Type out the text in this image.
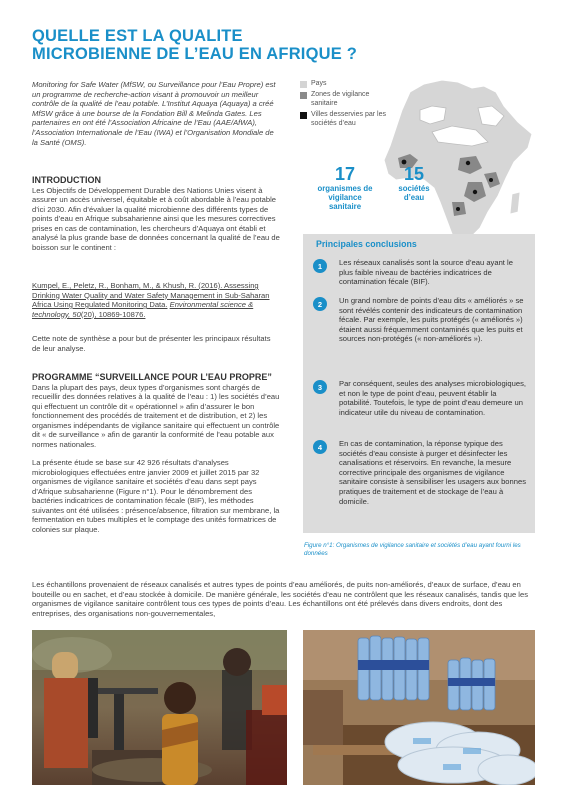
QUELLE EST LA QUALITE
MICROBIENNE DE L’EAU EN AFRIQUE ?

Monitoring for Safe Water (MfSW, ou Surveillance pour l’Eau Propre) est un programme de recherche-action visant à promouvoir un meilleur contrôle de la qualité de l’eau potable. L’Institut Aquaya (Aquaya) a créé MfSW grâce à une bourse de la Fondation Bill & Melinda Gates. Les partenaires en ont été l’Association Africaine de l’Eau (AAE/AfWA), l’Association Internationale de l’Eau (IWA) et l’Organisation Mondiale de la Santé (OMS).

INTRODUCTION

Les Objectifs de Développement Durable des Nations Unies visent à assurer un accès universel, équitable et à coût abordable à l’eau potable d’ici 2030. Afin d’évaluer la qualité microbienne des différents types de points d’eau en Afrique subsaharienne ainsi que les mesures correctives prises en cas de contamination, les chercheurs d’Aquaya ont établi et analysé la plus grande base de données concernant la qualité de l’eau de boisson sur le continent :

Kumpel, E., Peletz, R., Bonham, M., & Khush, R. (2016). Assessing Drinking Water Quality and Water Safety Management in Sub-Saharan Africa Using Regulated Monitoring Data. Environmental science & technology, 50(20), 10869-10876.

Cette note de synthèse a pour but de présenter les principaux résultats de leur analyse.

PROGRAMME “SURVEILLANCE POUR L’EAU PROPRE”

Dans la plupart des pays, deux types d’organismes sont chargés de recueillir des données relatives à la qualité de l’eau : 1) les sociétés d’eau qui effectuent un contrôle dit « opérationnel » afin d’assurer le bon fonctionnement des procédés de traitement et de distribution, et 2) les organismes indépendants de vigilance sanitaire qui effectuent un contrôle dit « de surveillance » afin de garantir la conformité de l’eau potable aux normes nationales.

La présente étude se base sur 42 926 résultats d’analyses microbiologiques effectuées entre janvier 2009 et juillet 2015 par 32 organismes de vigilance sanitaire et sociétés d’eau dans sept pays d’Afrique subsaharienne (Figure n°1). Pour le dénombrement des bactéries indicatrices de contamination fécale (BIF), les méthodes suivantes ont été utilisées : présence/absence, filtration sur membrane, la fermentation en tubes multiples et le comptage des unités formatrices de colonies sur plaque.

Pays
Zones de vigilance sanitaire
Villes desservies par les sociétés d’eau
17
organismes de vigilance sanitaire
15
sociétés d’eau
Principales conclusions
1	Les réseaux canalisés sont la source d’eau ayant le plus faible niveau de bactéries indicatrices de contamination fécale (BIF).
2	Un grand nombre de points d’eau dits « améliorés » se sont révélés contenir des indicateurs de contamination fécale. Par exemple, les puits protégés (« améliorés ») étaient aussi fréquemment contaminés que les puits et sources non-protégés (« non-améliorés »).
3	Par conséquent, seules des analyses microbiologiques, et non le type de point d’eau, peuvent établir la potabilité. Toutefois, le type de point d’eau demeure un indicateur utile du niveau de contamination.
4	En cas de contamination, la réponse typique des sociétés d’eau consiste à purger et désinfecter les canalisations et réservoirs. En revanche, la mesure corrective principale des organismes de vigilance sanitaire consiste à sensibiliser les usagers aux bonnes pratiques de traitement et de stockage de l’eau à domicile.

Figure n°1: Organismes de vigilance sanitaire et sociétés d’eau ayant fourni les données

Les échantillons provenaient de réseaux canalisés et autres types de points d’eau améliorés, de puits non-améliorés, d’eaux de surface, d’eau en bouteille ou en sachet, et d’eau stockée à domicile. De manière générale, les sociétés d’eau ne contrôlent que les réseaux canalisés, tandis que les organismes de vigilance sanitaire contrôlent tous ces types de points d’eau. Les échantillons ont été prélevés dans divers endroits, dont des entreprises, des organisations non-gouvernementales,
